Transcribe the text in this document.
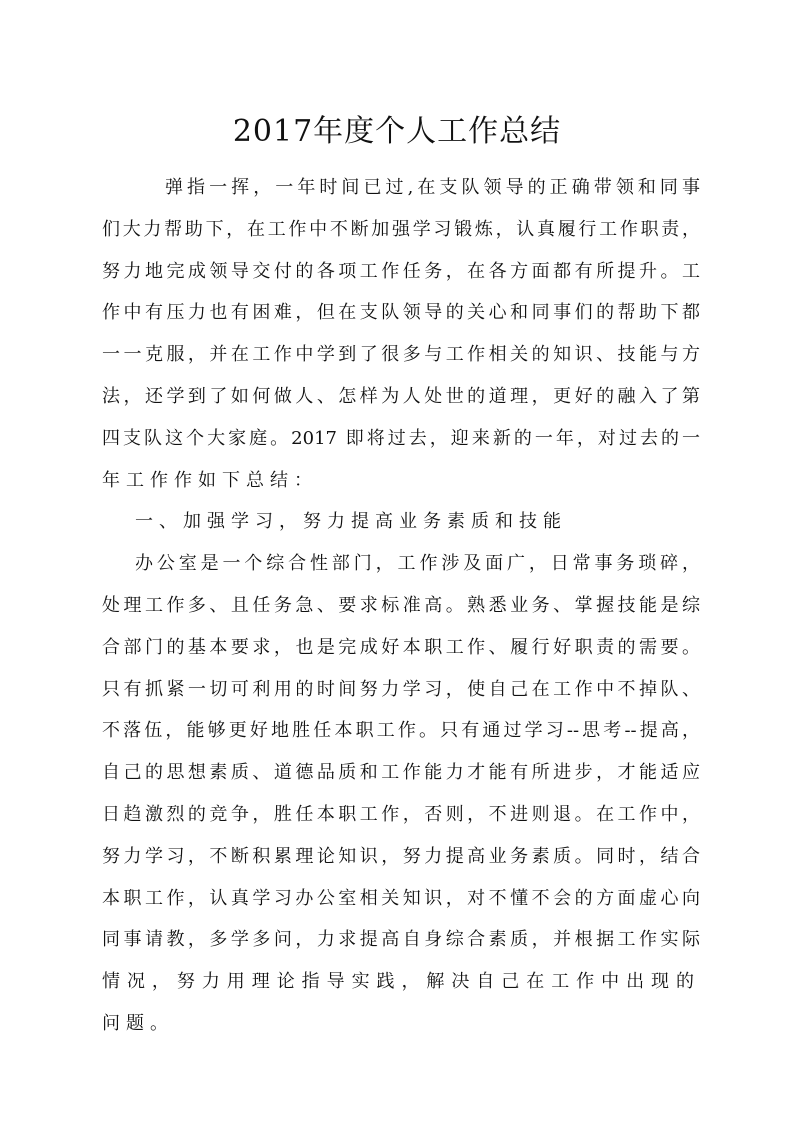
2017年度个人工作总结
弹指一挥，一年时间已过,在支队领导的正确带领和同事
们大力帮助下，在工作中不断加强学习锻炼，认真履行工作职责，
努力地完成领导交付的各项工作任务，在各方面都有所提升。工
作中有压力也有困难，但在支队领导的关心和同事们的帮助下都
一一克服，并在工作中学到了很多与工作相关的知识、技能与方
法，还学到了如何做人、怎样为人处世的道理，更好的融入了第
四支队这个大家庭。2017 即将过去，迎来新的一年，对过去的一
年工作作如下总结：
一、加强学习，努力提高业务素质和技能
办公室是一个综合性部门，工作涉及面广，日常事务琐碎，
处理工作多、且任务急、要求标准高。熟悉业务、掌握技能是综
合部门的基本要求，也是完成好本职工作、履行好职责的需要。
只有抓紧一切可利用的时间努力学习，使自己在工作中不掉队、
不落伍，能够更好地胜任本职工作。只有通过学习--思考--提高，
自己的思想素质、道德品质和工作能力才能有所进步，才能适应
日趋激烈的竞争，胜任本职工作，否则，不进则退。在工作中，
努力学习，不断积累理论知识，努力提高业务素质。同时，结合
本职工作，认真学习办公室相关知识，对不懂不会的方面虚心向
同事请教，多学多问，力求提高自身综合素质，并根据工作实际
情况，努力用理论指导实践，解决自己在工作中出现的问题。
